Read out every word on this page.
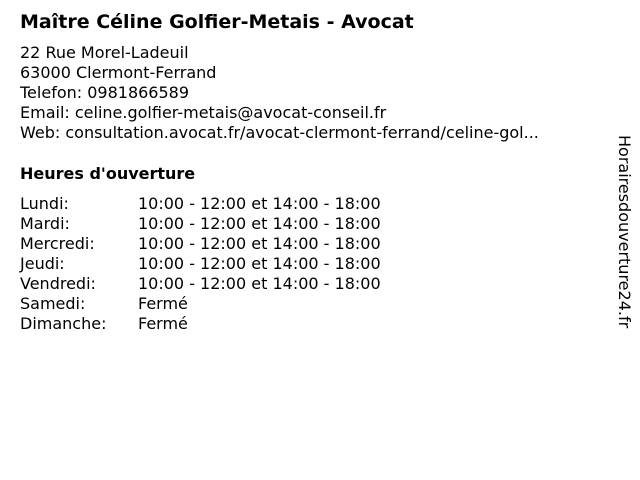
Maître Céline Golfier-Metais - Avocat
22 Rue Morel-Ladeuil
63000 Clermont-Ferrand
Telefon: 0981866589
Email: celine.golfier-metais@avocat-conseil.fr
Web: consultation.avocat.fr/avocat-clermont-ferrand/celine-gol...
Heures d'ouverture
Lundi:	10:00 - 12:00 et 14:00 - 18:00
Mardi:	10:00 - 12:00 et 14:00 - 18:00
Mercredi:	10:00 - 12:00 et 14:00 - 18:00
Jeudi:	10:00 - 12:00 et 14:00 - 18:00
Vendredi:	10:00 - 12:00 et 14:00 - 18:00
Samedi:	Fermé
Dimanche:	Fermé	Horairesdouverture24.fr
